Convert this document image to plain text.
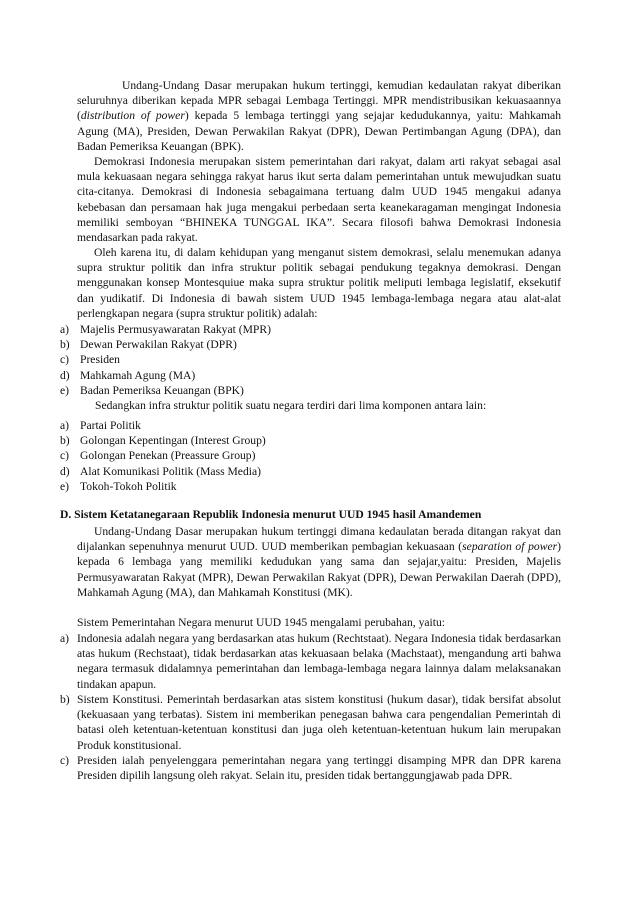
Undang-Undang Dasar merupakan hukum tertinggi, kemudian kedaulatan rakyat diberikan seluruhnya diberikan kepada MPR sebagai Lembaga Tertinggi. MPR mendistribusikan kekuasaannya (distribution of power) kepada 5 lembaga tertinggi yang sejajar kedudukannya, yaitu: Mahkamah Agung (MA), Presiden, Dewan Perwakilan Rakyat (DPR), Dewan Pertimbangan Agung (DPA), dan Badan Pemeriksa Keuangan (BPK).

Demokrasi Indonesia merupakan sistem pemerintahan dari rakyat, dalam arti rakyat sebagai asal mula kekuasaan negara sehingga rakyat harus ikut serta dalam pemerintahan untuk mewujudkan suatu cita-citanya. Demokrasi di Indonesia sebagaimana tertuang dalm UUD 1945 mengakui adanya kebebasan dan persamaan hak juga mengakui perbedaan serta keanekaragaman mengingat Indonesia memiliki semboyan “BHINEKA TUNGGAL IKA”. Secara filosofi bahwa Demokrasi Indonesia mendasarkan pada rakyat.

Oleh karena itu, di dalam kehidupan yang menganut sistem demokrasi, selalu menemukan adanya supra struktur politik dan infra struktur politik sebagai pendukung tegaknya demokrasi. Dengan menggunakan konsep Montesquiue maka supra struktur politik meliputi lembaga legislatif, eksekutif dan yudikatif. Di Indonesia di bawah sistem UUD 1945 lembaga-lembaga negara atau alat-alat perlengkapan negara (supra struktur politik) adalah:

a) Majelis Permusyawaratan Rakyat (MPR)
b) Dewan Perwakilan Rakyat (DPR)
c) Presiden
d) Mahkamah Agung (MA)
e) Badan Pemeriksa Keuangan (BPK)

Sedangkan infra struktur politik suatu negara terdiri dari lima komponen antara lain:

a) Partai Politik
b) Golongan Kepentingan (Interest Group)
c) Golongan Penekan (Preassure Group)
d) Alat Komunikasi Politik (Mass Media)
e) Tokoh-Tokoh Politik

D. Sistem Ketatanegaraan Republik Indonesia menurut UUD 1945 hasil Amandemen

Undang-Undang Dasar merupakan hukum tertinggi dimana kedaulatan berada ditangan rakyat dan dijalankan sepenuhnya menurut UUD. UUD memberikan pembagian kekuasaan (separation of power) kepada 6 lembaga yang memiliki kedudukan yang sama dan sejajar,yaitu: Presiden, Majelis Permusyawaratan Rakyat (MPR), Dewan Perwakilan Rakyat (DPR), Dewan Perwakilan Daerah (DPD), Mahkamah Agung (MA), dan Mahkamah Konstitusi (MK).

Sistem Pemerintahan Negara menurut UUD 1945 mengalami perubahan, yaitu:

a) Indonesia adalah negara yang berdasarkan atas hukum (Rechtstaat). Negara Indonesia tidak berdasarkan atas hukum (Rechstaat), tidak berdasarkan atas kekuasaan belaka (Machstaat), mengandung arti bahwa negara termasuk didalamnya pemerintahan dan lembaga-lembaga negara lainnya dalam melaksanakan tindakan apapun.
b) Sistem Konstitusi. Pemerintah berdasarkan atas sistem konstitusi (hukum dasar), tidak bersifat absolut (kekuasaan yang terbatas). Sistem ini memberikan penegasan bahwa cara pengendalian Pemerintah di batasi oleh ketentuan-ketentuan konstitusi dan juga oleh ketentuan-ketentuan hukum lain merupakan Produk konstitusional.
c) Presiden ialah penyelenggara pemerintahan negara yang tertinggi disamping MPR dan DPR karena Presiden dipilih langsung oleh rakyat. Selain itu, presiden tidak bertanggungjawab pada DPR.
